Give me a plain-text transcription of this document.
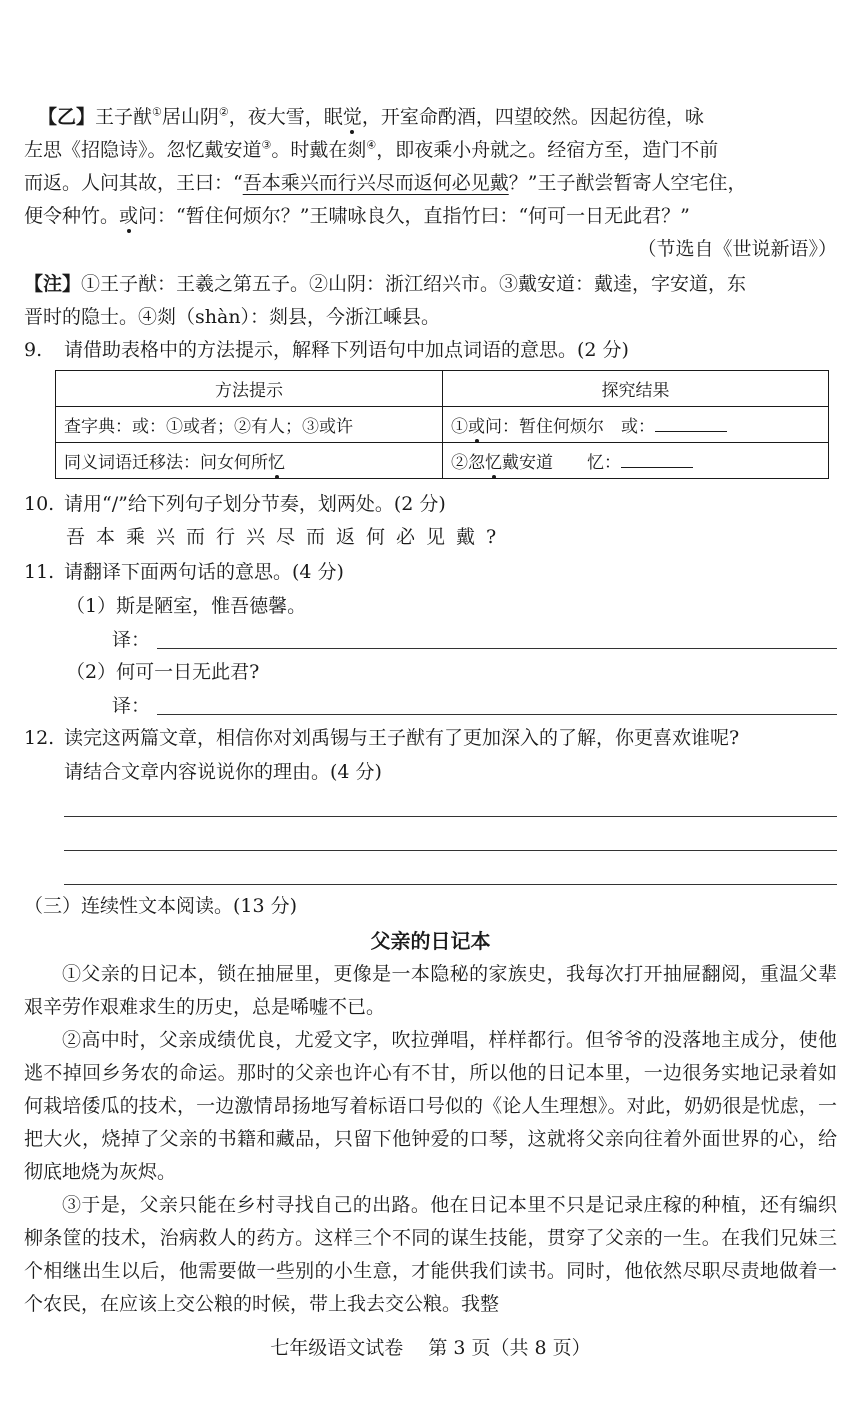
【乙】王子猷①居山阴②，夜大雪，眠觉，开室命酌酒，四望皎然。因起彷徨，咏
左思《招隐诗》。忽忆戴安道③。时戴在剡④，即夜乘小舟就之。经宿方至，造门不前
而返。人问其故，王曰：“吾本乘兴而行兴尽而返何必见戴？”王子猷尝暂寄人空宅住，
便令种竹。或问：“暂住何烦尔？”王啸咏良久，直指竹曰：“何可一日无此君？”
（节选自《世说新语》）
【注】①王子猷：王羲之第五子。②山阴：浙江绍兴市。③戴安道：戴逵，字安道，东
晋时的隐士。④剡（shàn）：剡县，今浙江嵊县。
9. 请借助表格中的方法提示，解释下列语句中加点词语的意思。(2 分)
方法提示	探究结果
查字典：或：①或者；②有人；③或许	①或问：暂住何烦尔　或：
同义词语迁移法：问女何所忆	②忽忆戴安道　　忆：
10. 请用“/”给下列句子划分节奏，划两处。(2 分)
吾本乘兴而行兴尽而返何必见戴?
11. 请翻译下面两句话的意思。(4 分)
（1）斯是陋室，惟吾德馨。
译：
（2）何可一日无此君?
译：
12. 读完这两篇文章，相信你对刘禹锡与王子猷有了更加深入的了解，你更喜欢谁呢?
请结合文章内容说说你的理由。(4 分)
（三）连续性文本阅读。(13 分)
父亲的日记本
①父亲的日记本，锁在抽屉里，更像是一本隐秘的家族史，我每次打开抽屉翻阅，重温父辈艰辛劳作艰难求生的历史，总是唏嘘不已。
②高中时，父亲成绩优良，尤爱文字，吹拉弹唱，样样都行。但爷爷的没落地主成分，使他逃不掉回乡务农的命运。那时的父亲也许心有不甘，所以他的日记本里，一边很务实地记录着如何栽培倭瓜的技术，一边激情昂扬地写着标语口号似的《论人生理想》。对此，奶奶很是忧虑，一把大火，烧掉了父亲的书籍和藏品，只留下他钟爱的口琴，这就将父亲向往着外面世界的心，给彻底地烧为灰烬。
③于是，父亲只能在乡村寻找自己的出路。他在日记本里不只是记录庄稼的种植，还有编织柳条筐的技术，治病救人的药方。这样三个不同的谋生技能，贯穿了父亲的一生。在我们兄妹三个相继出生以后，他需要做一些别的小生意，才能供我们读书。同时，他依然尽职尽责地做着一个农民，在应该上交公粮的时候，带上我去交公粮。我整
七年级语文试卷　 第 3 页（共 8 页）
